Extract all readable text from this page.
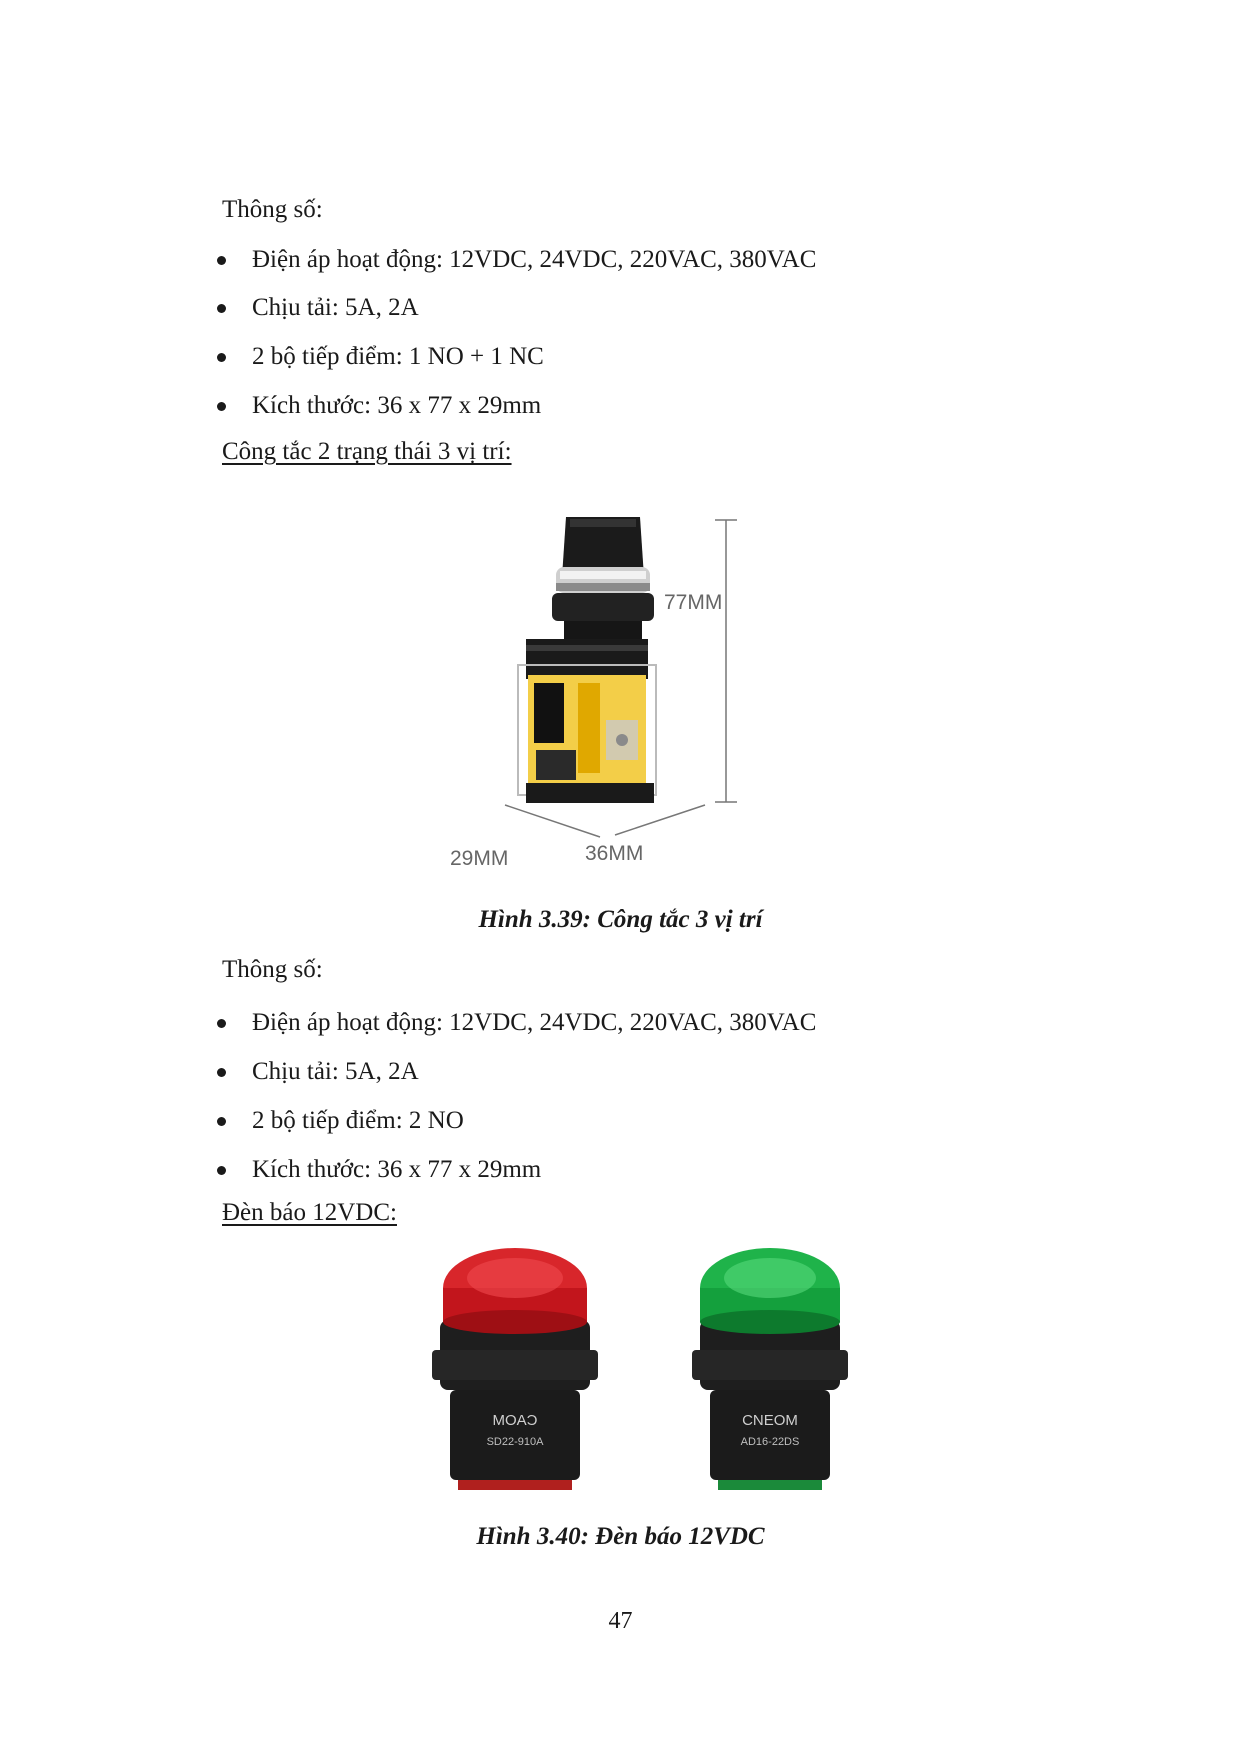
Thông số:
Điện áp hoạt động: 12VDC, 24VDC, 220VAC, 380VAC
Chịu tải: 5A, 2A
2 bộ tiếp điểm: 1 NO + 1 NC
Kích thước: 36 x 77 x 29mm
Công tắc 2 trạng thái 3 vị trí:
77MM
29MM	36MM
Hình 3.39: Công tắc 3 vị trí
Thông số:
Điện áp hoạt động: 12VDC, 24VDC, 220VAC, 380VAC
Chịu tải: 5A, 2A
2 bộ tiếp điểm: 2 NO
Kích thước: 36 x 77 x 29mm
Đèn báo 12VDC:
MOAƆ
SD22-910A
CNEOM
AD16-22DS
Hình 3.40: Đèn báo 12VDC
47
